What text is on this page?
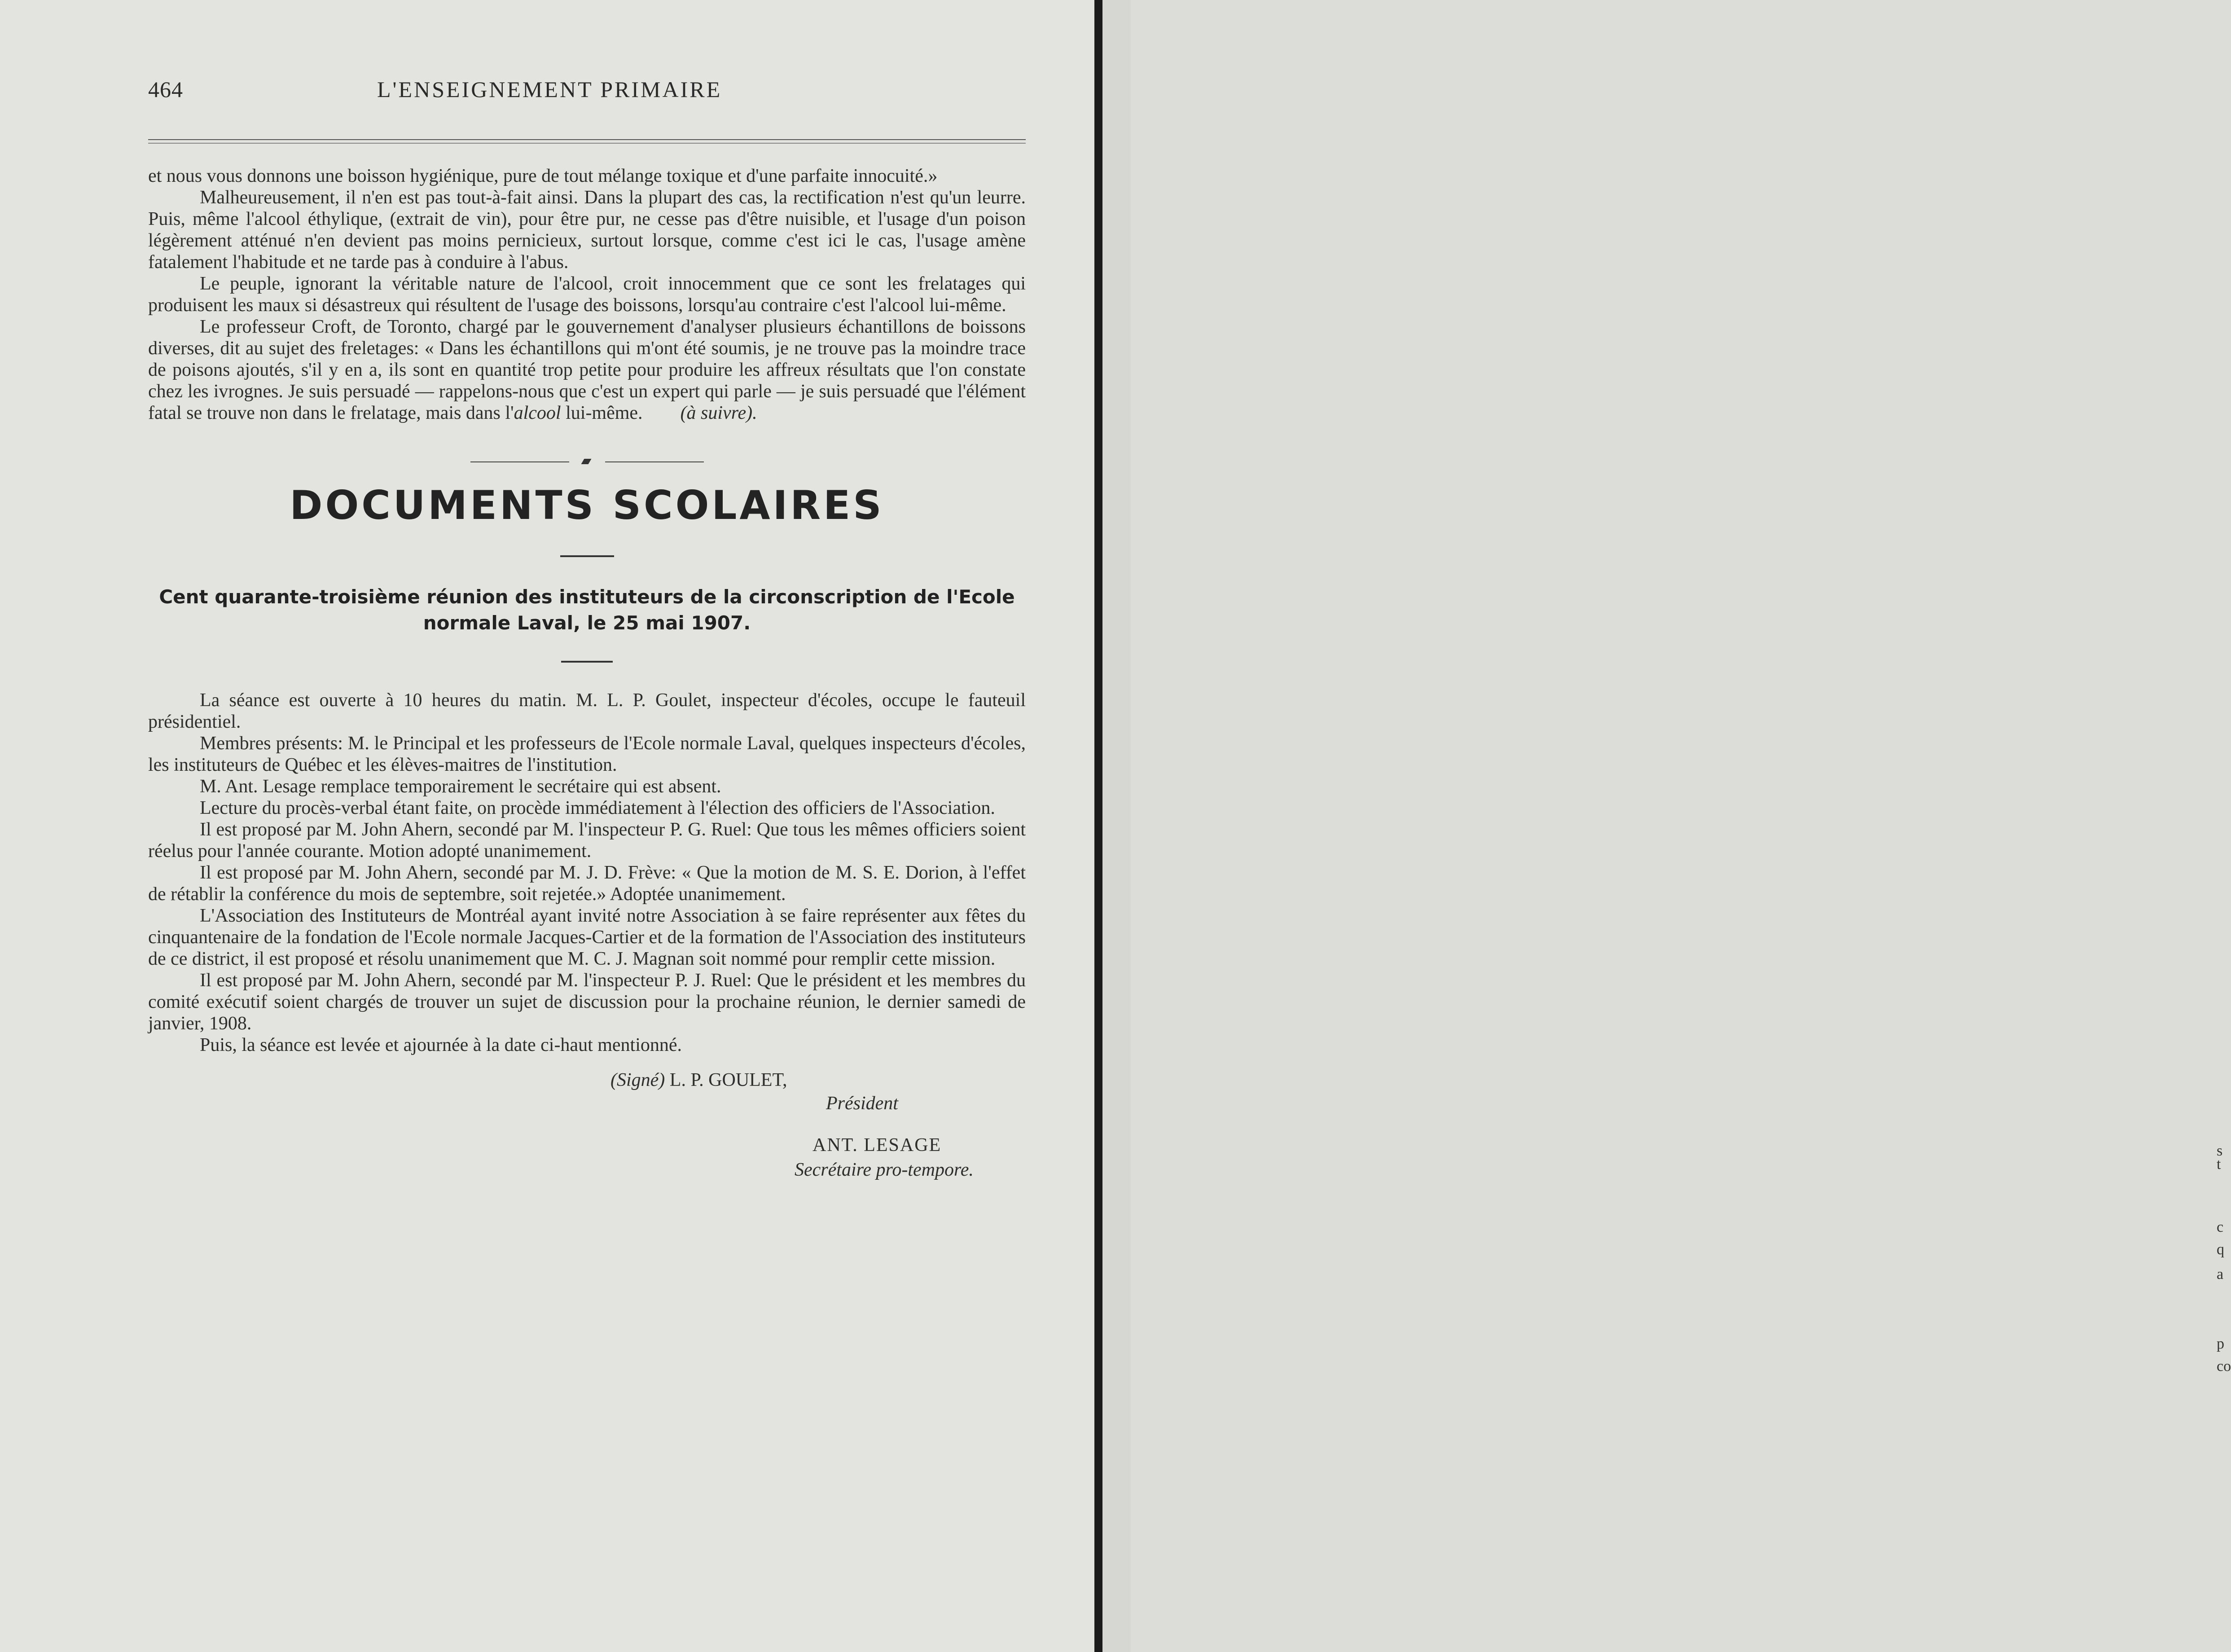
464	L'ENSEIGNEMENT PRIMAIRE

et nous vous donnons une boisson hygiénique, pure de tout mélange toxique et d'une parfaite innocuité.»

Malheureusement, il n'en est pas tout-à-fait ainsi. Dans la plupart des cas, la rectification n'est qu'un leurre. Puis, même l'alcool éthylique, (extrait de vin), pour être pur, ne cesse pas d'être nuisible, et l'usage d'un poison légèrement atténué n'en devient pas moins pernicieux, surtout lorsque, comme c'est ici le cas, l'usage amène fatalement l'habitude et ne tarde pas à conduire à l'abus.

Le peuple, ignorant la véritable nature de l'alcool, croit innocemment que ce sont les frelatages qui produisent les maux si désastreux qui résultent de l'usage des boissons, lorsqu'au contraire c'est l'alcool lui-même.

Le professeur Croft, de Toronto, chargé par le gouvernement d'analyser plusieurs échantillons de boissons diverses, dit au sujet des freletages: « Dans les échantillons qui m'ont été soumis, je ne trouve pas la moindre trace de poisons ajoutés, s'il y en a, ils sont en quantité trop petite pour produire les affreux résultats que l'on constate chez les ivrognes. Je suis persuadé — rappelons-nous que c'est un expert qui parle — je suis persuadé que l'élément fatal se trouve non dans le frelatage, mais dans l'alcool lui-même.   (à suivre).

DOCUMENTS SCOLAIRES
Cent quarante-troisième réunion des instituteurs de la circonscription de l'Ecole
normale Laval, le 25 mai 1907.

La séance est ouverte à 10 heures du matin. M. L. P. Goulet, inspecteur d'écoles, occupe le fauteuil présidentiel.

Membres présents: M. le Principal et les professeurs de l'Ecole normale Laval, quelques inspecteurs d'écoles, les instituteurs de Québec et les élèves-maitres de l'institution.

M. Ant. Lesage remplace temporairement le secrétaire qui est absent.

Lecture du procès-verbal étant faite, on procède immédiatement à l'élection des officiers de l'Association.

Il est proposé par M. John Ahern, secondé par M. l'inspecteur P. G. Ruel: Que tous les mêmes officiers soient réelus pour l'année courante. Motion adopté unanimement.

Il est proposé par M. John Ahern, secondé par M. J. D. Frève: « Que la motion de M. S. E. Dorion, à l'effet de rétablir la conférence du mois de septembre, soit rejetée.» Adoptée unanimement.

L'Association des Instituteurs de Montréal ayant invité notre Association à se faire représenter aux fêtes du cinquantenaire de la fondation de l'Ecole normale Jacques-Cartier et de la formation de l'Association des instituteurs de ce district, il est proposé et résolu unanimement que M. C. J. Magnan soit nommé pour remplir cette mission.

Il est proposé par M. John Ahern, secondé par M. l'inspecteur P. J. Ruel: Que le président et les membres du comité exécutif soient chargés de trouver un sujet de discussion pour la prochaine réunion, le dernier samedi de janvier, 1908.

Puis, la séance est levée et ajournée à la date ci-haut mentionné.

(Signé) L. P. GOULET,
Président
ANT. LESAGE
Secrétaire pro-tempore.
s
t
c
q
a
p
co
